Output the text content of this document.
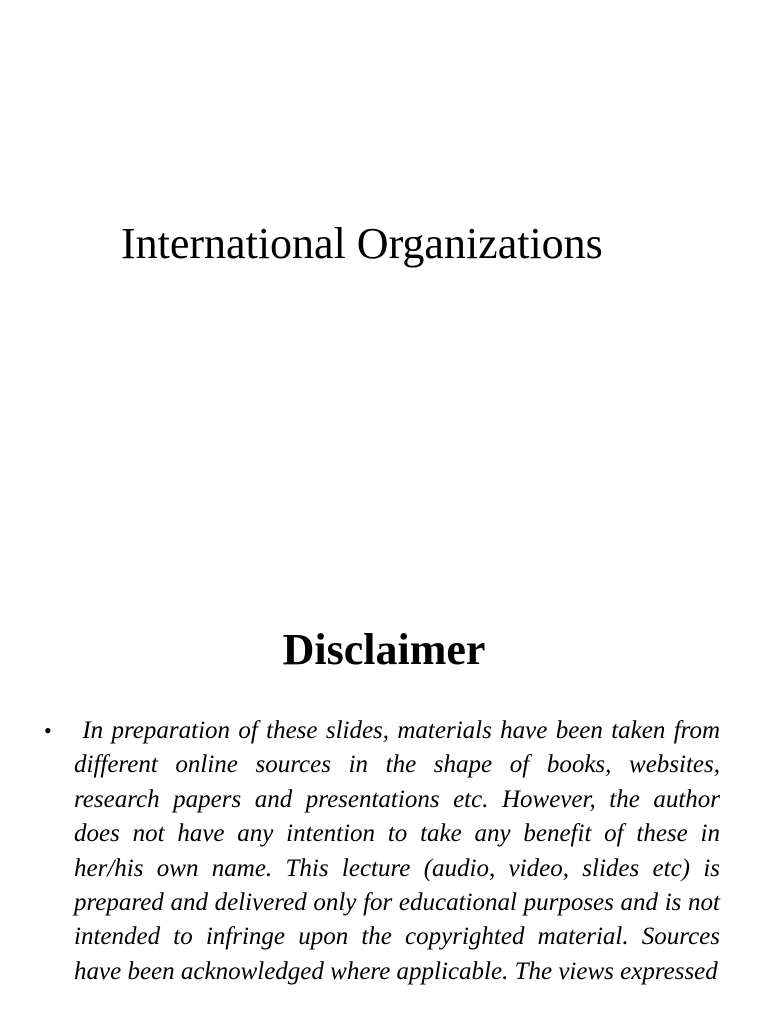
International Organizations
Disclaimer
• In preparation of these slides, materials have been taken from different online sources in the shape of books, websites, research papers and presentations etc. However, the author does not have any intention to take any benefit of these in her/his own name. This lecture (audio, video, slides etc) is prepared and delivered only for educational purposes and is not intended to infringe upon the copyrighted material. Sources have been acknowledged where applicable. The views expressed
